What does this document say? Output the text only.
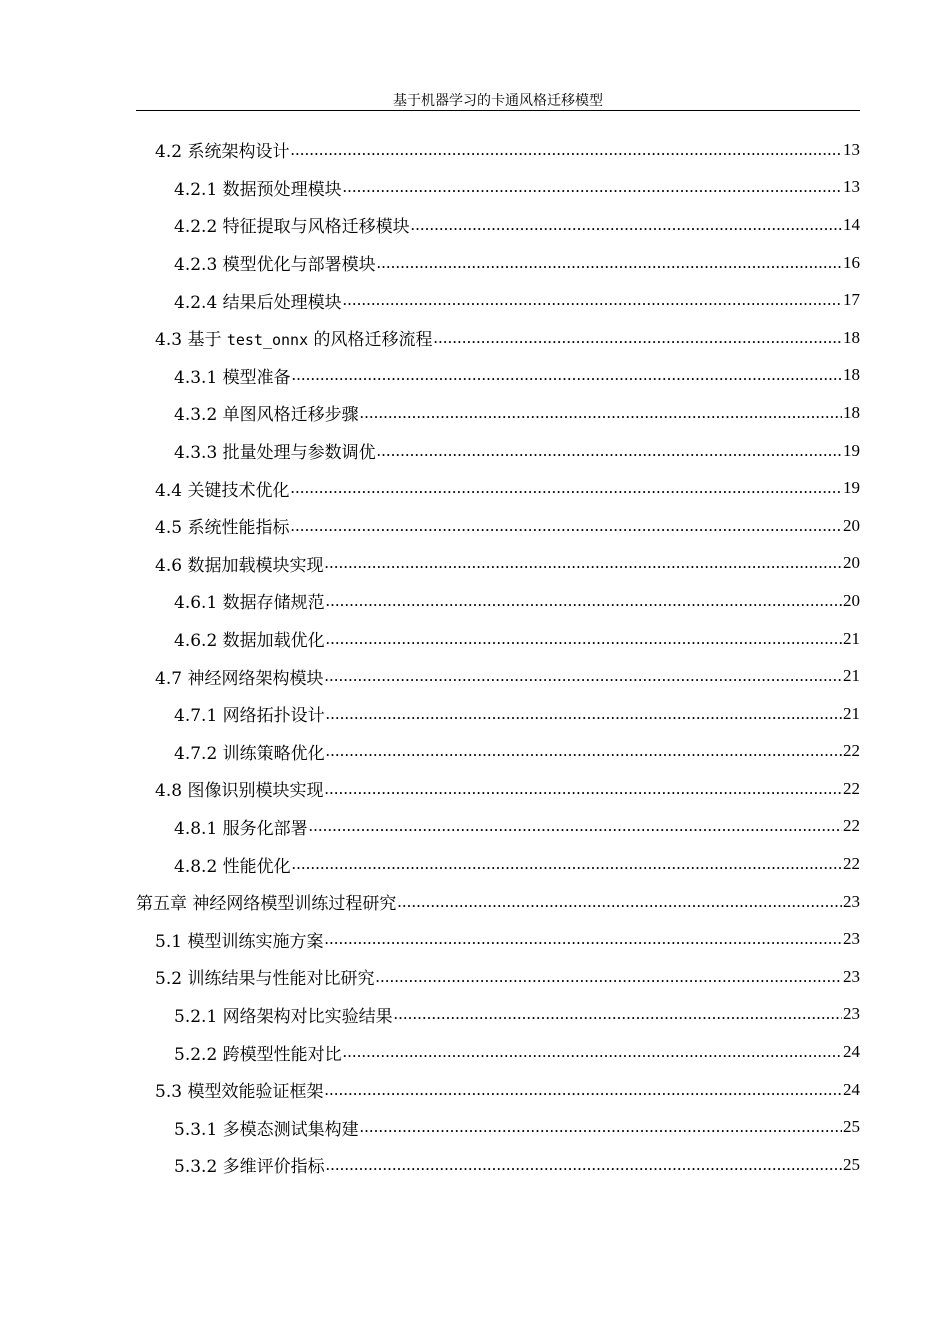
基于机器学习的卡通风格迁移模型
4.2 系统架构设计 .....	13
4.2.1 数据预处理模块 .....	13
4.2.2 特征提取与风格迁移模块 .....	14
4.2.3 模型优化与部署模块 .....	16
4.2.4 结果后处理模块 .....	17
4.3 基于 test_onnx 的风格迁移流程 .....	18
4.3.1 模型准备 .....	18
4.3.2 单图风格迁移步骤 .....	18
4.3.3 批量处理与参数调优 .....	19
4.4 关键技术优化 .....	19
4.5 系统性能指标 .....	20
4.6 数据加载模块实现 .....	20
4.6.1 数据存储规范 .....	20
4.6.2 数据加载优化 .....	21
4.7 神经网络架构模块 .....	21
4.7.1 网络拓扑设计 .....	21
4.7.2 训练策略优化 .....	22
4.8 图像识别模块实现 .....	22
4.8.1 服务化部署 .....	22
4.8.2 性能优化 .....	22
第五章 神经网络模型训练过程研究 .....	23
5.1 模型训练实施方案 .....	23
5.2 训练结果与性能对比研究 .....	23
5.2.1 网络架构对比实验结果 .....	23
5.2.2 跨模型性能对比 .....	24
5.3 模型效能验证框架 .....	24
5.3.1 多模态测试集构建 .....	25
5.3.2 多维评价指标 .....	25
